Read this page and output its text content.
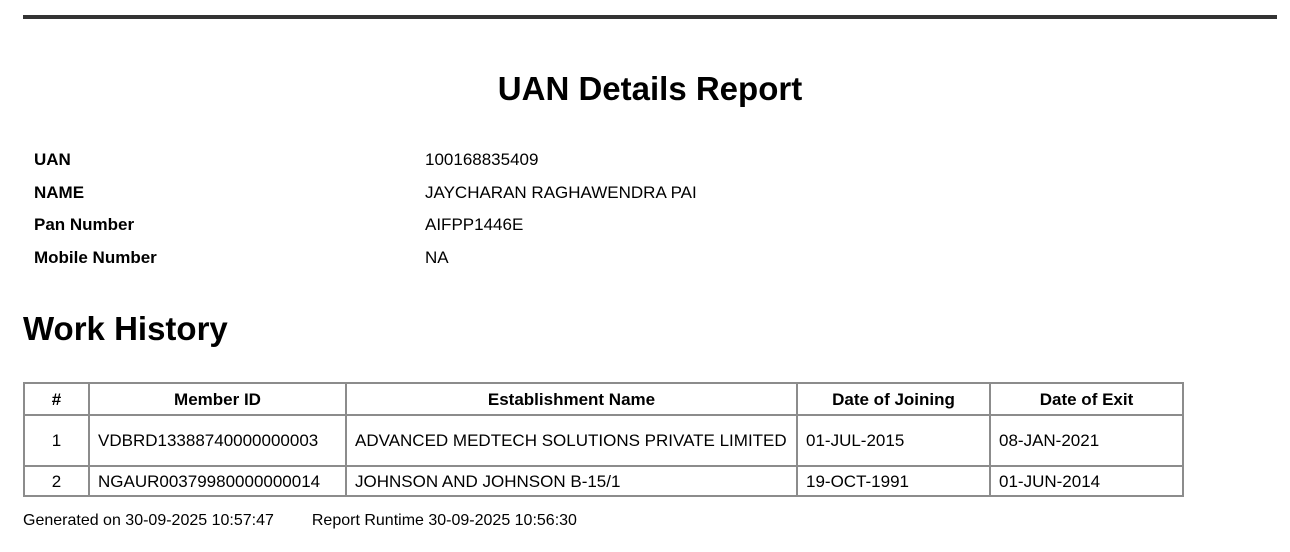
UAN Details Report
UAN	100168835409
NAME	JAYCHARAN RAGHAWENDRA PAI
Pan Number	AIFPP1446E
Mobile Number	NA
Work History
#	Member ID	Establishment Name	Date of Joining	Date of Exit
1	VDBRD13388740000000003	ADVANCED MEDTECH SOLUTIONS PRIVATE LIMITED	01-JUL-2015	08-JAN-2021
2	NGAUR00379980000000014	JOHNSON AND JOHNSON B-15/1	19-OCT-1991	01-JUN-2014
Generated on 30-09-2025 10:57:47 Report Runtime 30-09-2025 10:56:30
